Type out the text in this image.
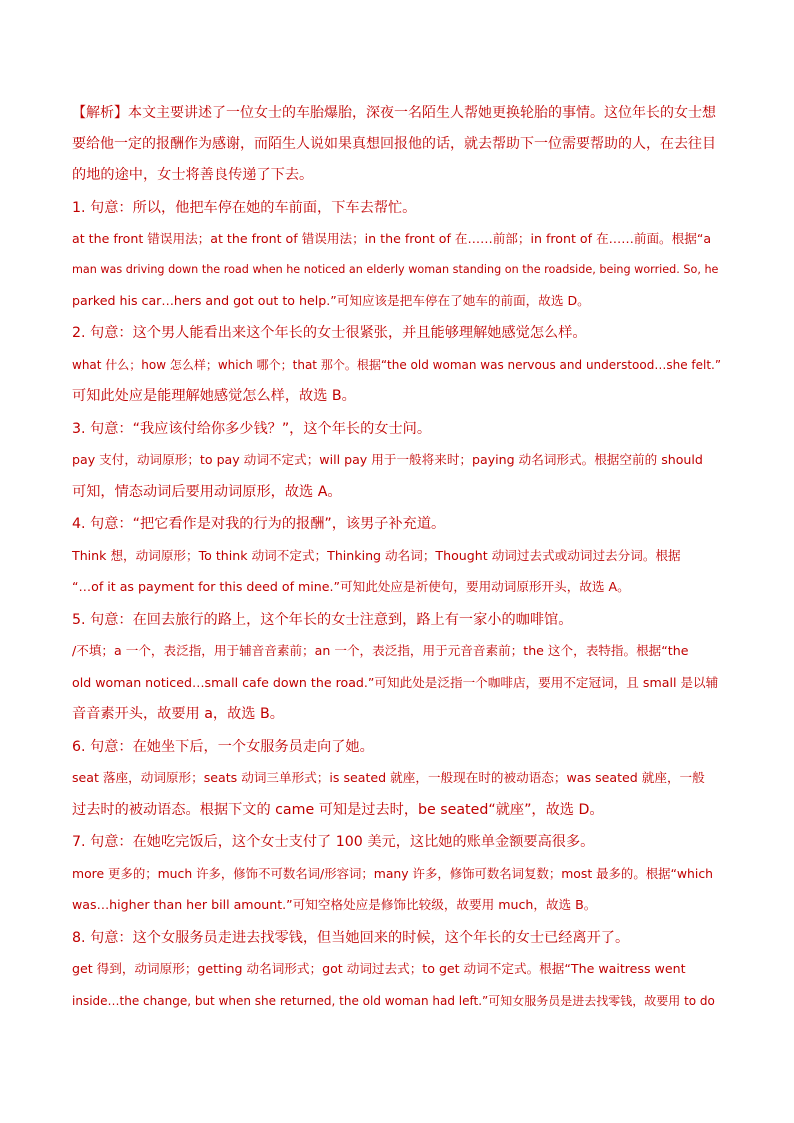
【解析】本文主要讲述了一位女士的车胎爆胎，深夜一名陌生人帮她更换轮胎的事情。这位年长的女士想
要给他一定的报酬作为感谢，而陌生人说如果真想回报他的话，就去帮助下一位需要帮助的人，在去往目
的地的途中，女士将善良传递了下去。
1. 句意：所以，他把车停在她的车前面，下车去帮忙。
at the front 错误用法；at the front of 错误用法；in the front of 在……前部；in front of 在……前面。根据“a
man was driving down the road when he noticed an elderly woman standing on the roadside, being worried. So, he
parked his car…hers and got out to help.”可知应该是把车停在了她车的前面，故选 D。
2. 句意：这个男人能看出来这个年长的女士很紧张，并且能够理解她感觉怎么样。
what 什么；how 怎么样；which 哪个；that 那个。根据“the old woman was nervous and understood…she felt.”
可知此处应是能理解她感觉怎么样，故选 B。
3. 句意：“我应该付给你多少钱？”，这个年长的女士问。
pay 支付，动词原形；to pay 动词不定式；will pay 用于一般将来时；paying 动名词形式。根据空前的 should
可知，情态动词后要用动词原形，故选 A。
4. 句意：“把它看作是对我的行为的报酬”，该男子补充道。
Think 想，动词原形；To think 动词不定式；Thinking 动名词；Thought 动词过去式或动词过去分词。根据
“…of it as payment for this deed of mine.”可知此处应是祈使句，要用动词原形开头，故选 A。
5. 句意：在回去旅行的路上，这个年长的女士注意到，路上有一家小的咖啡馆。
/不填；a 一个，表泛指，用于辅音音素前；an 一个，表泛指，用于元音音素前；the 这个，表特指。根据“the
old woman noticed…small cafe down the road.”可知此处是泛指一个咖啡店，要用不定冠词，且 small 是以辅
音音素开头，故要用 a，故选 B。
6. 句意：在她坐下后，一个女服务员走向了她。
seat 落座，动词原形；seats 动词三单形式；is seated 就座，一般现在时的被动语态；was seated 就座，一般
过去时的被动语态。根据下文的 came 可知是过去时，be seated“就座”，故选 D。
7. 句意：在她吃完饭后，这个女士支付了 100 美元，这比她的账单金额要高很多。
more 更多的；much 许多，修饰不可数名词/形容词；many 许多，修饰可数名词复数；most 最多的。根据“which
was…higher than her bill amount.”可知空格处应是修饰比较级，故要用 much，故选 B。
8. 句意：这个女服务员走进去找零钱，但当她回来的时候，这个年长的女士已经离开了。
get 得到，动词原形；getting 动名词形式；got 动词过去式；to get 动词不定式。根据“The waitress went
inside…the change, but when she returned, the old woman had left.”可知女服务员是进去找零钱，故要用 to do
